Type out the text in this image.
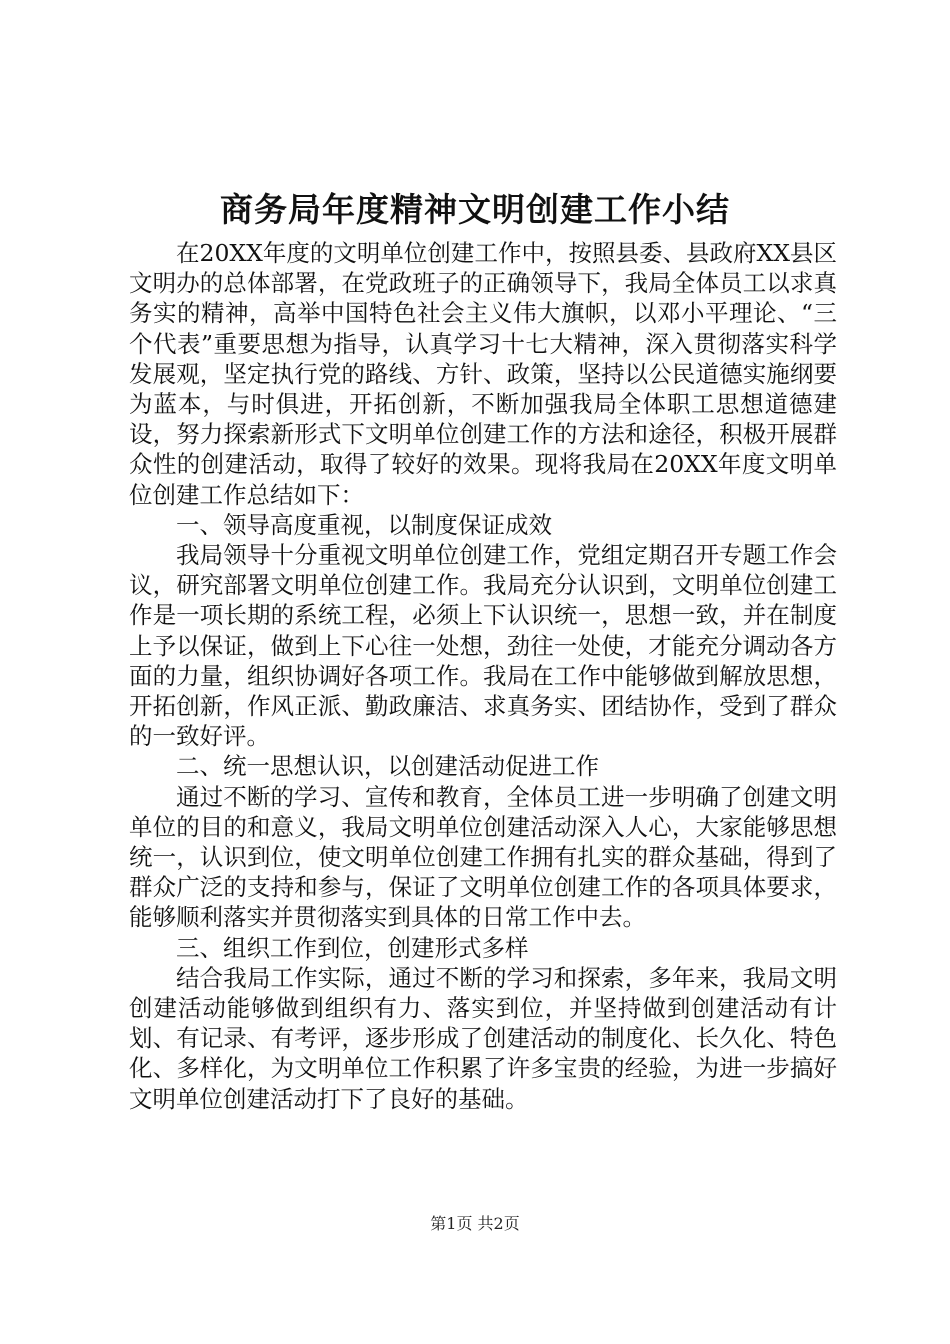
商务局年度精神文明创建工作小结

在20XX年度的文明单位创建工作中，按照县委、县政府XX县区文明办的总体部署，在党政班子的正确领导下，我局全体员工以求真务实的精神，高举中国特色社会主义伟大旗帜，以邓小平理论、“三个代表”重要思想为指导，认真学习十七大精神，深入贯彻落实科学发展观，坚定执行党的路线、方针、政策，坚持以公民道德实施纲要为蓝本，与时俱进，开拓创新，不断加强我局全体职工思想道德建设，努力探索新形式下文明单位创建工作的方法和途径，积极开展群众性的创建活动，取得了较好的效果。现将我局在20XX年度文明单位创建工作总结如下：

一、领导高度重视，以制度保证成效

我局领导十分重视文明单位创建工作，党组定期召开专题工作会议，研究部署文明单位创建工作。我局充分认识到，文明单位创建工作是一项长期的系统工程，必须上下认识统一，思想一致，并在制度上予以保证，做到上下心往一处想，劲往一处使，才能充分调动各方面的力量，组织协调好各项工作。我局在工作中能够做到解放思想，开拓创新，作风正派、勤政廉洁、求真务实、团结协作，受到了群众的一致好评。

二、统一思想认识，以创建活动促进工作

通过不断的学习、宣传和教育，全体员工进一步明确了创建文明单位的目的和意义，我局文明单位创建活动深入人心，大家能够思想统一，认识到位，使文明单位创建工作拥有扎实的群众基础，得到了群众广泛的支持和参与，保证了文明单位创建工作的各项具体要求，能够顺利落实并贯彻落实到具体的日常工作中去。

三、组织工作到位，创建形式多样

结合我局工作实际，通过不断的学习和探索，多年来，我局文明创建活动能够做到组织有力、落实到位，并坚持做到创建活动有计划、有记录、有考评，逐步形成了创建活动的制度化、长久化、特色化、多样化，为文明单位工作积累了许多宝贵的经验，为进一步搞好文明单位创建活动打下了良好的基础。

第1页 共2页
